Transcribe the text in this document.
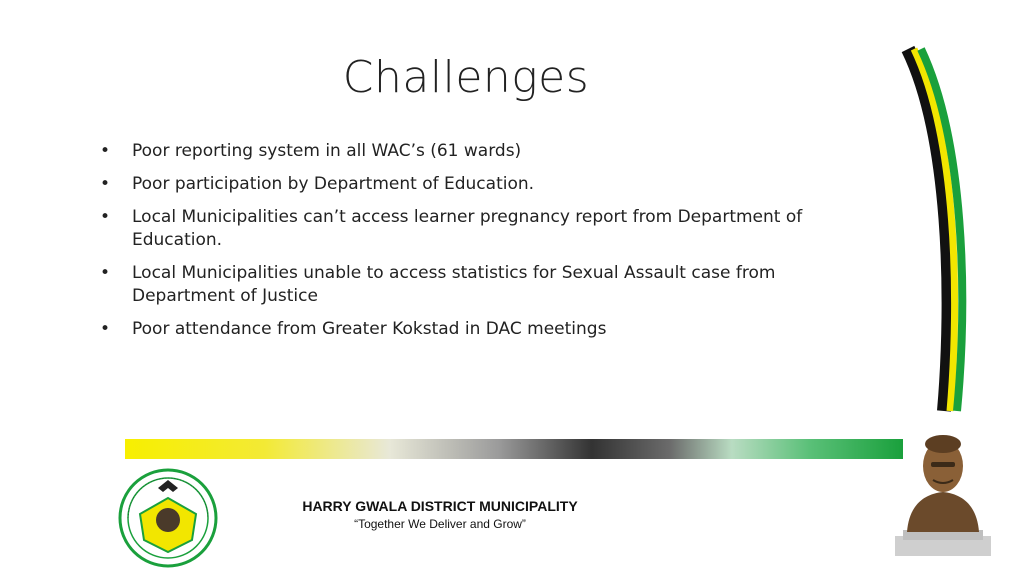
Challenges
• Poor reporting system in all WAC’s (61 wards)
• Poor participation by Department of Education.
• Local Municipalities can’t access learner pregnancy report from Department of Education.
• Local Municipalities unable to access statistics for Sexual Assault case from Department of Justice
• Poor attendance from Greater Kokstad in DAC meetings
HARRY GWALA DISTRICT MUNICIPALITY
“Together We Deliver and Grow”
